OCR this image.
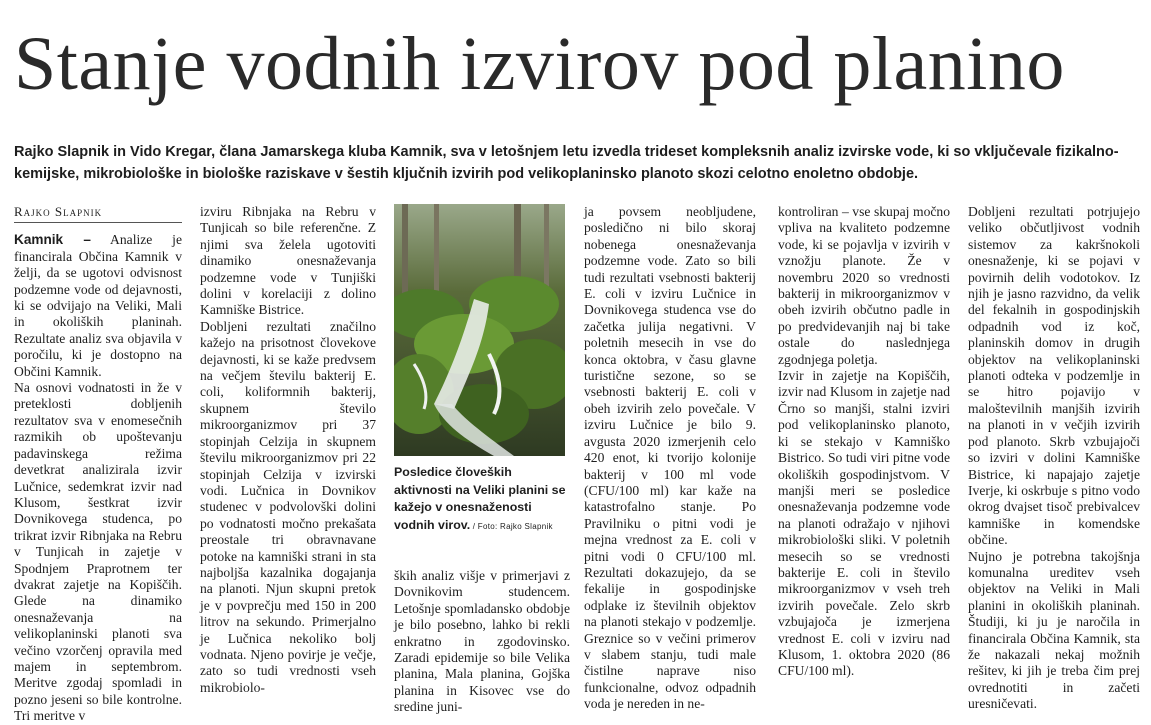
Stanje vodnih izvirov pod planino
Rajko Slapnik in Vido Kregar, člana Jamarskega kluba Kamnik, sva v letošnjem letu izvedla trideset kompleksnih analiz izvirske vode, ki so vključevale fizikalno-kemijske, mikrobiološke in biološke raziskave v šestih ključnih izvirih pod velikoplaninsko planoto skozi celotno enoletno obdobje.
Rajko Slapnik

Kamnik – Analize je financirala Občina Kamnik v želji, da se ugotovi odvisnost podzemne vode od dejavnosti, ki se odvijajo na Veliki, Mali in okoliških planinah. Rezultate analiz sva objavila v poročilu, ki je dostopno na Občini Kamnik.

Na osnovi vodnatosti in že v preteklosti dobljenih rezultatov sva v enomesečnih razmikih ob upoštevanju padavinskega režima devetkrat analizirala izvir Lučnice, sedemkrat izvir nad Klusom, šestkrat izvir Dovnikovega studenca, po trikrat izvir Ribnjaka na Rebru v Tunjicah in zajetje v Spodnjem Praprotnem ter dvakrat zajetje na Kopiščih. Glede na dinamiko onesnaževanja na velikoplaninski planoti sva večino vzorčenj opravila med majem in septembrom. Meritve zgodaj spomladi in pozno jeseni so bile kontrolne. Tri meritve v

izviru Ribnjaka na Rebru v Tunjicah so bile referenčne. Z njimi sva želela ugotoviti dinamiko onesnaževanja podzemne vode v Tunjiški dolini v korelaciji z dolino Kamniške Bistrice.

Dobljeni rezultati značilno kažejo na prisotnost človekove dejavnosti, ki se kaže predvsem na večjem številu bakterij E. coli, koliformnih bakterij, skupnem število mikroorganizmov pri 37 stopinjah Celzija in skupnem številu mikroorganizmov pri 22 stopinjah Celzija v izvirski vodi. Lučnica in Dovnikov studenec v podvolovški dolini po vodnatosti močno prekašata preostale tri obravnavane potoke na kamniški strani in sta najboljša kazalnika dogajanja na planoti. Njun skupni pretok je v povprečju med 150 in 200 litrov na sekundo. Primerjalno je Lučnica nekoliko bolj vodnata. Njeno povirje je večje, zato so tudi vrednosti vseh mikrobiolo-

Posledice človeških aktivnosti na Veliki planini se kažejo v onesnaženosti vodnih virov. / Foto: Rajko Slapnik

ških analiz višje v primerjavi z Dovnikovim studencem. Letošnje spomladansko obdobje je bilo posebno, lahko bi rekli enkratno in zgodovinsko. Zaradi epidemije so bile Velika planina, Mala planina, Gojška planina in Kisovec vse do sredine juni-

ja povsem neobljudene, posledično ni bilo skoraj nobenega onesnaževanja podzemne vode. Zato so bili tudi rezultati vsebnosti bakterij E. coli v izviru Lučnice in Dovnikovega studenca vse do začetka julija negativni. V poletnih mesecih in vse do konca oktobra, v času glavne turistične sezone, so se vsebnosti bakterij E. coli v obeh izvirih zelo povečale. V izviru Lučnice je bilo 9. avgusta 2020 izmerjenih celo 420 enot, ki tvorijo kolonije bakterij v 100 ml vode (CFU/100 ml) kar kaže na katastrofalno stanje. Po Pravilniku o pitni vodi je mejna vrednost za E. coli v pitni vodi 0 CFU/100 ml. Rezultati dokazujejo, da se fekalije in gospodinjske odplake iz številnih objektov na planoti stekajo v podzemlje. Greznice so v večini primerov v slabem stanju, tudi male čistilne naprave niso funkcionalne, odvoz odpadnih voda je nereden in ne-

kontroliran – vse skupaj močno vpliva na kvaliteto podzemne vode, ki se pojavlja v izvirih v vznožju planote. Že v novembru 2020 so vrednosti bakterij in mikroorganizmov v obeh izvirih občutno padle in po predvidevanjih naj bi take ostale do naslednjega zgodnjega poletja.

Izvir in zajetje na Kopiščih, izvir nad Klusom in zajetje nad Črno so manjši, stalni izviri pod velikoplaninsko planoto, ki se stekajo v Kamniško Bistrico. So tudi viri pitne vode okoliških gospodinjstvom. V manjši meri se posledice onesnaževanja podzemne vode na planoti odražajo v njihovi mikrobiološki sliki. V poletnih mesecih so se vrednosti bakterije E. coli in število mikroorganizmov v vseh treh izvirih povečale. Zelo skrb vzbujajoča je izmerjena vrednost E. coli v izviru nad Klusom, 1. oktobra 2020 (86 CFU/100 ml).

Dobljeni rezultati potrjujejo veliko občutljivost vodnih sistemov za kakršnokoli onesnaženje, ki se pojavi v povirnih delih vodotokov. Iz njih je jasno razvidno, da velik del fekalnih in gospodinjskih odpadnih vod iz koč, planinskih domov in drugih objektov na velikoplaninski planoti odteka v podzemlje in se hitro pojavijo v maloštevilnih manjših izvirih na planoti in v večjih izvirih pod planoto. Skrb vzbujajoči so izviri v dolini Kamniške Bistrice, ki napajajo zajetje Iverje, ki oskrbuje s pitno vodo okrog dvajset tisoč prebivalcev kamniške in komendske občine.

Nujno je potrebna takojšnja komunalna ureditev vseh objektov na Veliki in Mali planini in okoliških planinah. Študiji, ki ju je naročila in financirala Občina Kamnik, sta že nakazali nekaj možnih rešitev, ki jih je treba čim prej ovrednotiti in začeti uresničevati.
